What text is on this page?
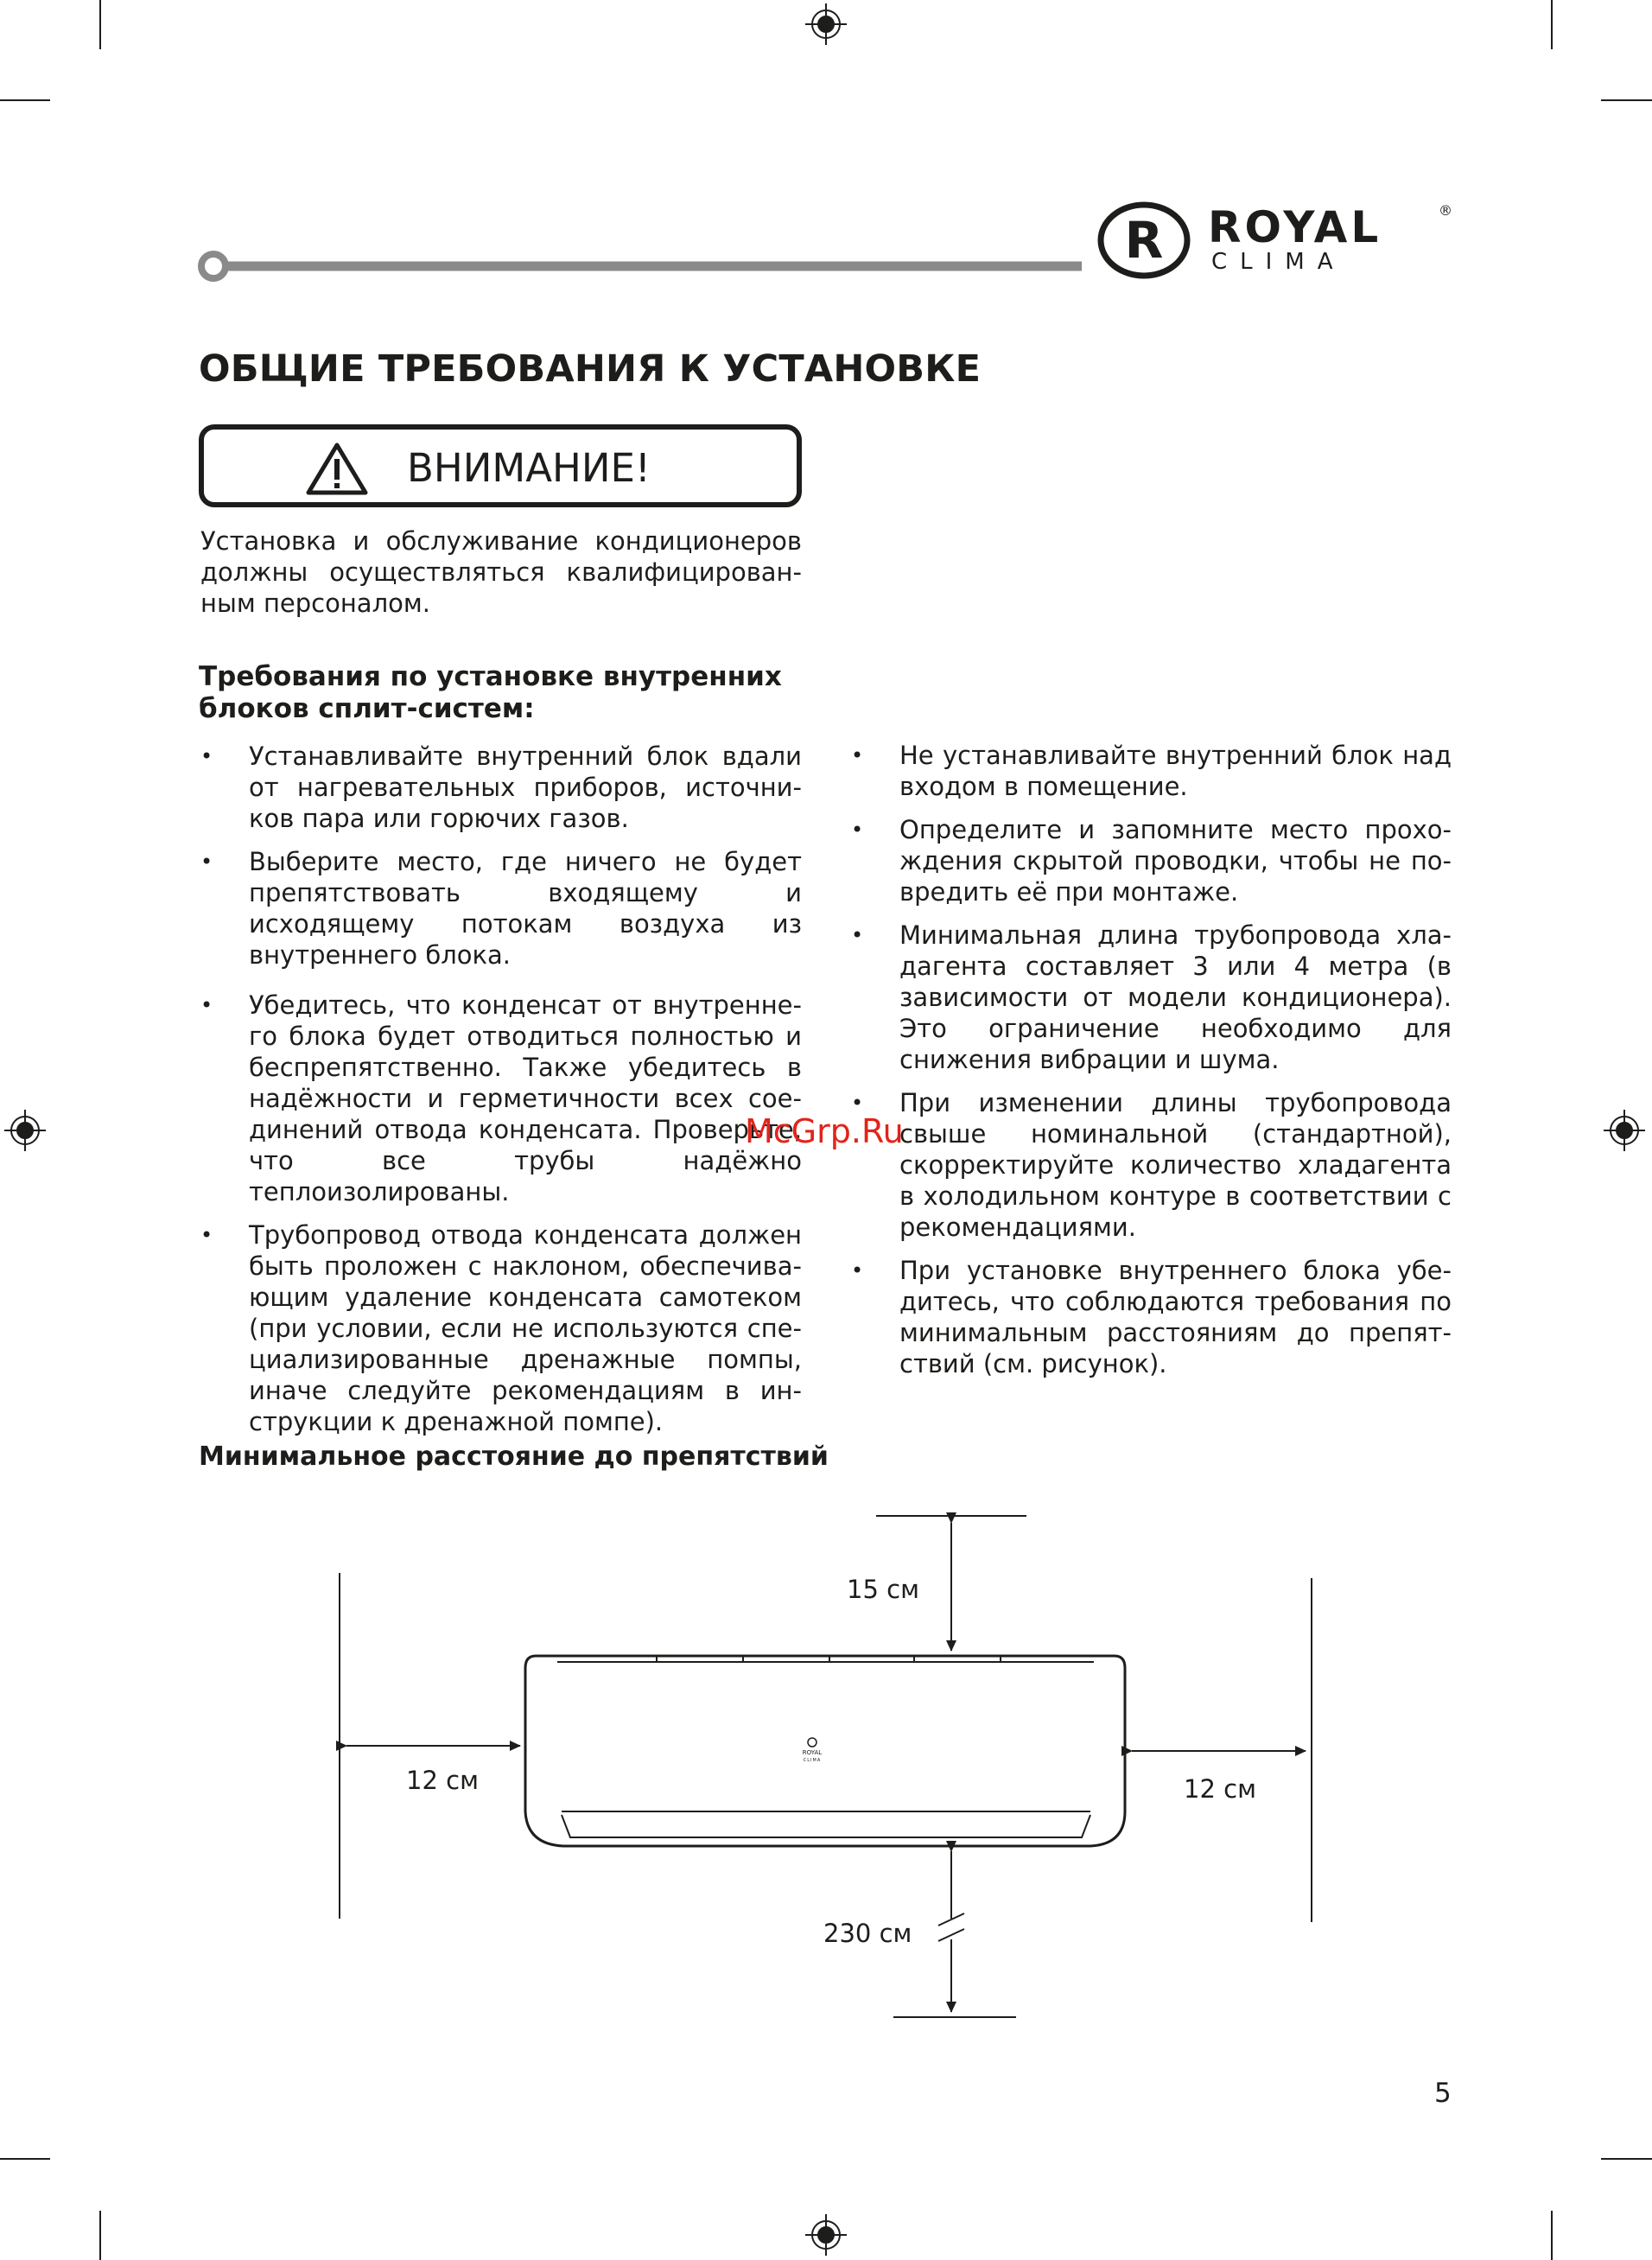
R ROYAL	®
CLIMA
ОБЩИЕ ТРЕБОВАНИЯ К УСТАНОВКЕ
ВНИМАНИЕ!
Установка и обслуживание кондиционеров должны осуществляться квалифицированным персоналом.
Требования по установке внутренних
блоков сплит-систем:
• Устанавливайте внутренний блок вдали от нагревательных приборов, источников пара или горючих газов.
• Выберите место, где ничего не будет препятствовать входящему и исходящему потокам воздуха из внутреннего блока.
• Убедитесь, что конденсат от внутреннего блока будет отводиться полностью и беспрепятственно. Также убедитесь в надёжности и герметичности всех соединений отвода конденсата. Проверьте, что все трубы надёжно теплоизолированы.
• Трубопровод отвода конденсата должен быть проложен с наклоном, обеспечивающим удаление конденсата самотеком (при условии, если не используются специализированные дренажные помпы, иначе следуйте рекомендациям в инструкции к дренажной помпе).
• Не устанавливайте внутренний блок над входом в помещение.
• Определите и запомните место прохождения скрытой проводки, чтобы не повредить её при монтаже.
• Минимальная длина трубопровода хладагента составляет 3 или 4 метра (в зависимости от модели кондиционера). Это ограничение необходимо для снижения вибрации и шума.
• При изменении длины трубопровода свыше номинальной (стандартной), скорректируйте количество хладагента в холодильном контуре в соответствии с рекомендациями.
• При установке внутреннего блока убедитесь, что соблюдаются требования по минимальным расстояниям до препятствий (см. рисунок).
Минимальное расстояние до препятствий
ROYAL
CLIMA
15 см
12 см	12 см
230 см
5
McGrp.Ru
